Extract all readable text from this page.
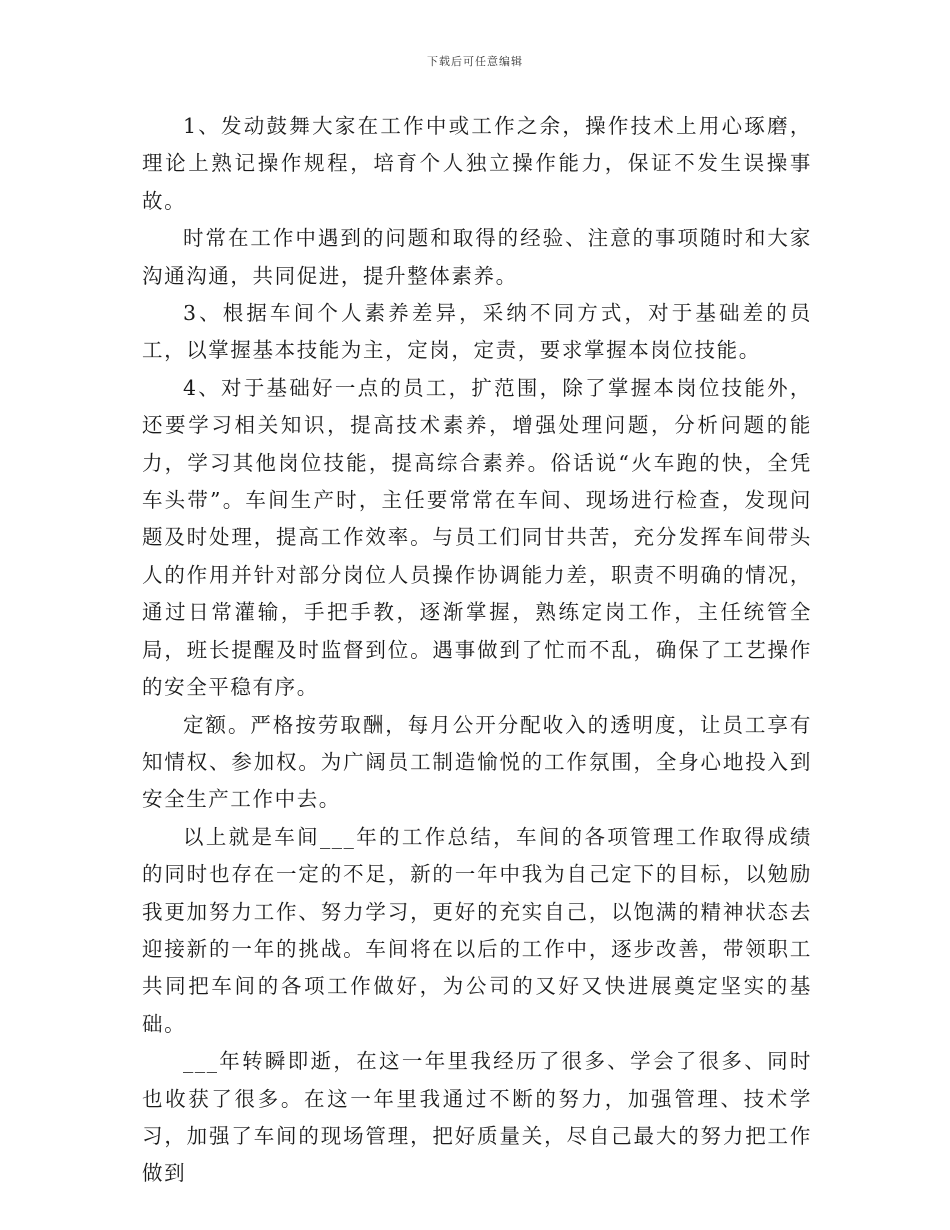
下载后可任意编辑

1、发动鼓舞大家在工作中或工作之余，操作技术上用心琢磨，理论上熟记操作规程，培育个人独立操作能力，保证不发生误操事故。

时常在工作中遇到的问题和取得的经验、注意的事项随时和大家沟通沟通，共同促进，提升整体素养。

3、根据车间个人素养差异，采纳不同方式，对于基础差的员工，以掌握基本技能为主，定岗，定责，要求掌握本岗位技能。

4、对于基础好一点的员工，扩范围，除了掌握本岗位技能外，还要学习相关知识，提高技术素养，增强处理问题，分析问题的能力，学习其他岗位技能，提高综合素养。俗话说“火车跑的快，全凭车头带”。车间生产时，主任要常常在车间、现场进行检查，发现问题及时处理，提高工作效率。与员工们同甘共苦，充分发挥车间带头人的作用并针对部分岗位人员操作协调能力差，职责不明确的情况，通过日常灌输，手把手教，逐渐掌握，熟练定岗工作，主任统管全局，班长提醒及时监督到位。遇事做到了忙而不乱，确保了工艺操作的安全平稳有序。

定额。严格按劳取酬，每月公开分配收入的透明度，让员工享有知情权、参加权。为广阔员工制造愉悦的工作氛围，全身心地投入到安全生产工作中去。

以上就是车间___年的工作总结，车间的各项管理工作取得成绩的同时也存在一定的不足，新的一年中我为自己定下的目标，以勉励我更加努力工作、努力学习，更好的充实自己，以饱满的精神状态去迎接新的一年的挑战。车间将在以后的工作中，逐步改善，带领职工共同把车间的各项工作做好，为公司的又好又快进展奠定坚实的基础。

___年转瞬即逝，在这一年里我经历了很多、学会了很多、同时也收获了很多。在这一年里我通过不断的努力，加强管理、技术学习，加强了车间的现场管理，把好质量关，尽自己最大的努力把工作做到
